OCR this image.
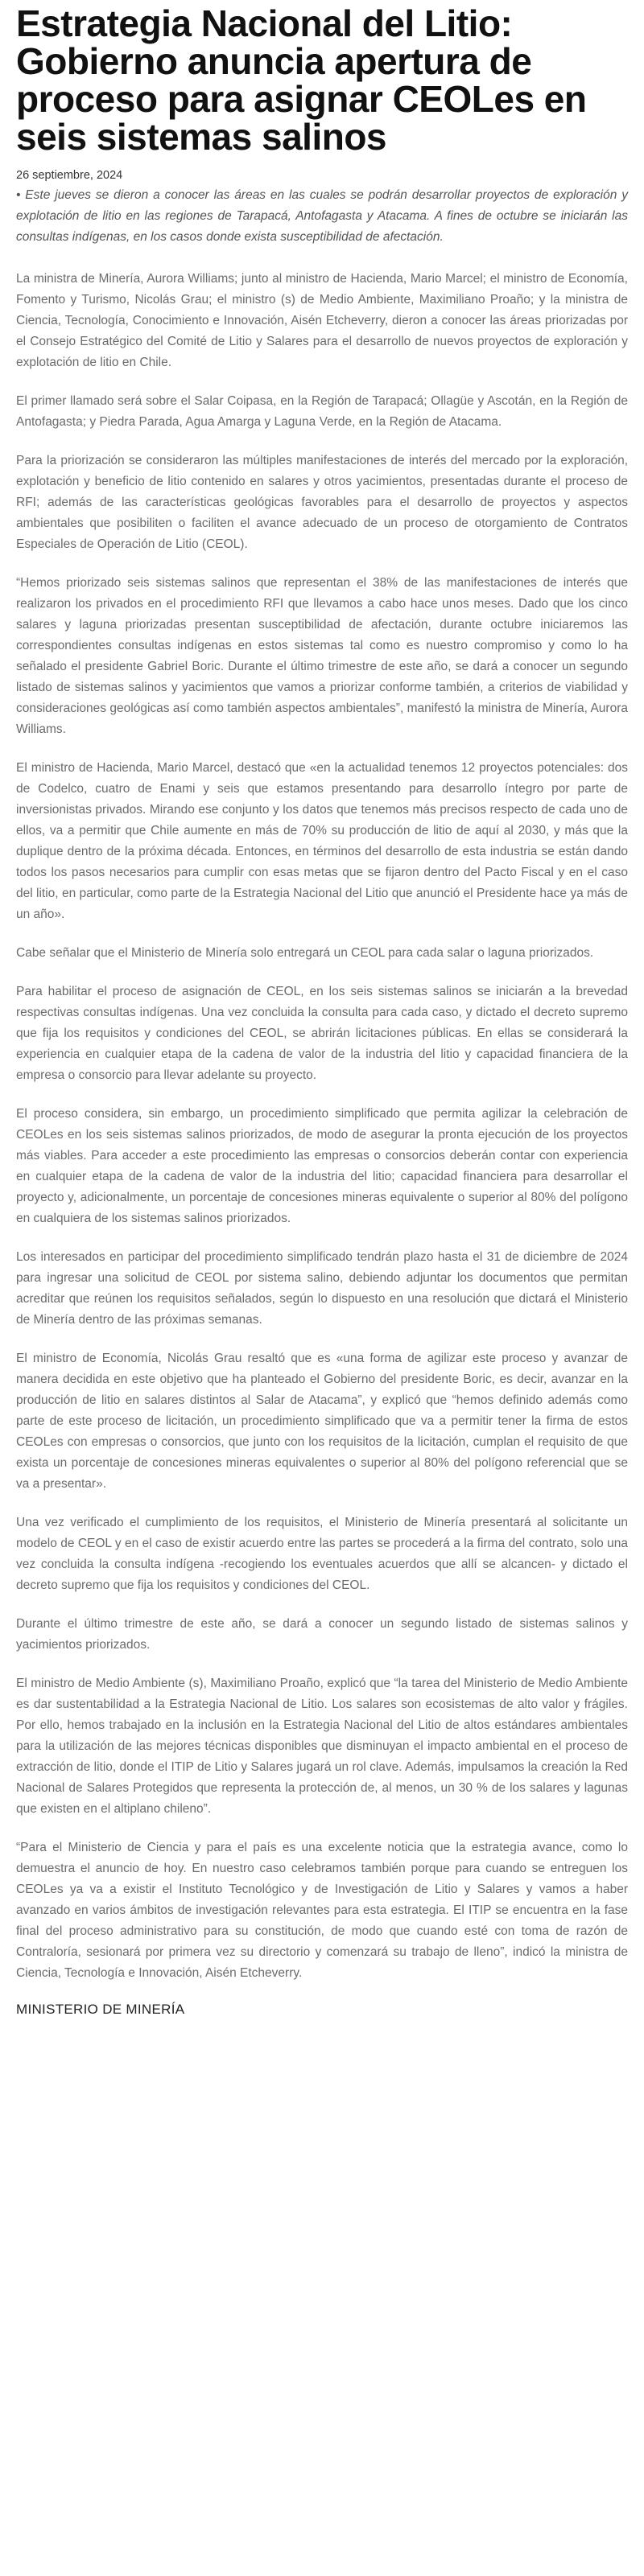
Estrategia Nacional del Litio: Gobierno anuncia apertura de proceso para asignar CEOLes en seis sistemas salinos
26 septiembre, 2024

• Este jueves se dieron a conocer las áreas en las cuales se podrán desarrollar proyectos de exploración y explotación de litio en las regiones de Tarapacá, Antofagasta y Atacama. A fines de octubre se iniciarán las consultas indígenas, en los casos donde exista susceptibilidad de afectación.

La ministra de Minería, Aurora Williams; junto al ministro de Hacienda, Mario Marcel; el ministro de Economía, Fomento y Turismo, Nicolás Grau; el ministro (s) de Medio Ambiente, Maximiliano Proaño; y la ministra de Ciencia, Tecnología, Conocimiento e Innovación, Aisén Etcheverry, dieron a conocer las áreas priorizadas por el Consejo Estratégico del Comité de Litio y Salares para el desarrollo de nuevos proyectos de exploración y explotación de litio en Chile.

El primer llamado será sobre el Salar Coipasa, en la Región de Tarapacá; Ollagüe y Ascotán, en la Región de Antofagasta; y Piedra Parada, Agua Amarga y Laguna Verde, en la Región de Atacama.

Para la priorización se consideraron las múltiples manifestaciones de interés del mercado por la exploración, explotación y beneficio de litio contenido en salares y otros yacimientos, presentadas durante el proceso de RFI; además de las características geológicas favorables para el desarrollo de proyectos y aspectos ambientales que posibiliten o faciliten el avance adecuado de un proceso de otorgamiento de Contratos Especiales de Operación de Litio (CEOL).

“Hemos priorizado seis sistemas salinos que representan el 38% de las manifestaciones de interés que realizaron los privados en el procedimiento RFI que llevamos a cabo hace unos meses. Dado que los cinco salares y laguna priorizadas presentan susceptibilidad de afectación, durante octubre iniciaremos las correspondientes consultas indígenas en estos sistemas tal como es nuestro compromiso y como lo ha señalado el presidente Gabriel Boric. Durante el último trimestre de este año, se dará a conocer un segundo listado de sistemas salinos y yacimientos que vamos a priorizar conforme también, a criterios de viabilidad y consideraciones geológicas así como también aspectos ambientales”, manifestó la ministra de Minería, Aurora Williams.

El ministro de Hacienda, Mario Marcel, destacó que «en la actualidad tenemos 12 proyectos potenciales: dos de Codelco, cuatro de Enami y seis que estamos presentando para desarrollo íntegro por parte de inversionistas privados. Mirando ese conjunto y los datos que tenemos más precisos respecto de cada uno de ellos, va a permitir que Chile aumente en más de 70% su producción de litio de aquí al 2030, y más que la duplique dentro de la próxima década. Entonces, en términos del desarrollo de esta industria se están dando todos los pasos necesarios para cumplir con esas metas que se fijaron dentro del Pacto Fiscal y en el caso del litio, en particular, como parte de la Estrategia Nacional del Litio que anunció el Presidente hace ya más de un año».

Cabe señalar que el Ministerio de Minería solo entregará un CEOL para cada salar o laguna priorizados.

Para habilitar el proceso de asignación de CEOL, en los seis sistemas salinos se iniciarán a la brevedad respectivas consultas indígenas. Una vez concluida la consulta para cada caso, y dictado el decreto supremo que fija los requisitos y condiciones del CEOL, se abrirán licitaciones públicas. En ellas se considerará la experiencia en cualquier etapa de la cadena de valor de la industria del litio y capacidad financiera de la empresa o consorcio para llevar adelante su proyecto.

El proceso considera, sin embargo, un procedimiento simplificado que permita agilizar la celebración de CEOLes en los seis sistemas salinos priorizados, de modo de asegurar la pronta ejecución de los proyectos más viables. Para acceder a este procedimiento las empresas o consorcios deberán contar con experiencia en cualquier etapa de la cadena de valor de la industria del litio; capacidad financiera para desarrollar el proyecto y, adicionalmente, un porcentaje de concesiones mineras equivalente o superior al 80% del polígono en cualquiera de los sistemas salinos priorizados.

Los interesados en participar del procedimiento simplificado tendrán plazo hasta el 31 de diciembre de 2024 para ingresar una solicitud de CEOL por sistema salino, debiendo adjuntar los documentos que permitan acreditar que reúnen los requisitos señalados, según lo dispuesto en una resolución que dictará el Ministerio de Minería dentro de las próximas semanas.

El ministro de Economía, Nicolás Grau resaltó que es «una forma de agilizar este proceso y avanzar de manera decidida en este objetivo que ha planteado el Gobierno del presidente Boric, es decir, avanzar en la producción de litio en salares distintos al Salar de Atacama”, y explicó que “hemos definido además como parte de este proceso de licitación, un procedimiento simplificado que va a permitir tener la firma de estos CEOLes con empresas o consorcios, que junto con los requisitos de la licitación, cumplan el requisito de que exista un porcentaje de concesiones mineras equivalentes o superior al 80% del polígono referencial que se va a presentar».

Una vez verificado el cumplimiento de los requisitos, el Ministerio de Minería presentará al solicitante un modelo de CEOL y en el caso de existir acuerdo entre las partes se procederá a la firma del contrato, solo una vez concluida la consulta indígena -recogiendo los eventuales acuerdos que allí se alcancen- y dictado el decreto supremo que fija los requisitos y condiciones del CEOL.

Durante el último trimestre de este año, se dará a conocer un segundo listado de sistemas salinos y yacimientos priorizados.

El ministro de Medio Ambiente (s), Maximiliano Proaño, explicó que “la tarea del Ministerio de Medio Ambiente es dar sustentabilidad a la Estrategia Nacional de Litio. Los salares son ecosistemas de alto valor y frágiles. Por ello, hemos trabajado en la inclusión en la Estrategia Nacional del Litio de altos estándares ambientales para la utilización de las mejores técnicas disponibles que disminuyan el impacto ambiental en el proceso de extracción de litio, donde el ITIP de Litio y Salares jugará un rol clave. Además, impulsamos la creación la Red Nacional de Salares Protegidos que representa la protección de, al menos, un 30 % de los salares y lagunas que existen en el altiplano chileno”.

“Para el Ministerio de Ciencia y para el país es una excelente noticia que la estrategia avance, como lo demuestra el anuncio de hoy. En nuestro caso celebramos también porque para cuando se entreguen los CEOLes ya va a existir el Instituto Tecnológico y de Investigación de Litio y Salares y vamos a haber avanzado en varios ámbitos de investigación relevantes para esta estrategia. El ITIP se encuentra en la fase final del proceso administrativo para su constitución, de modo que cuando esté con toma de razón de Contraloría, sesionará por primera vez su directorio y comenzará su trabajo de lleno”, indicó la ministra de Ciencia, Tecnología e Innovación, Aisén Etcheverry.

MINISTERIO DE MINERÍA
